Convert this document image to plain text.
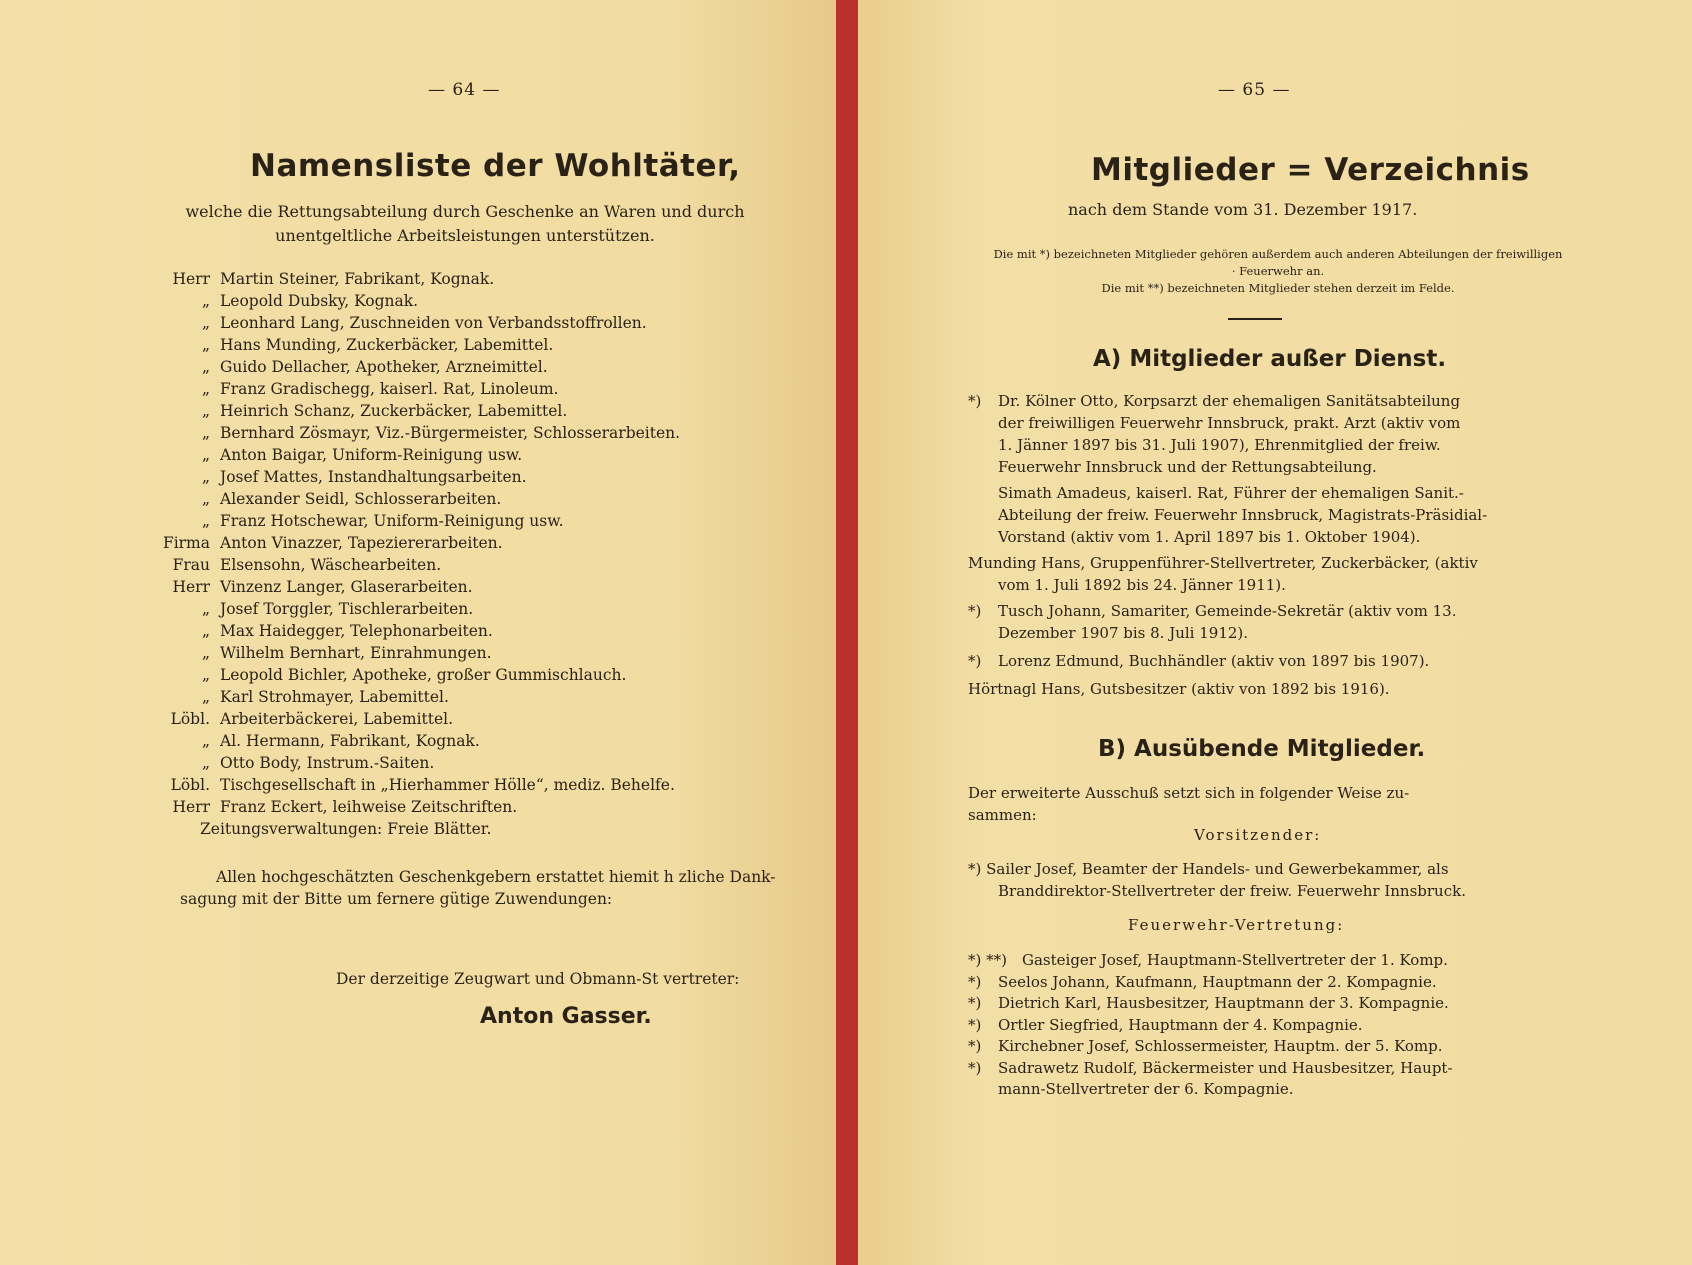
— 64 —
Namensliste der Wohltäter,
welche die Rettungsabteilung durch Geschenke an Waren und durch
unentgeltliche Arbeitsleistungen unterstützen.
Herr Martin Steiner, Fabrikant, Kognak.
„ Leopold Dubsky, Kognak.
„ Leonhard Lang, Zuschneiden von Verbandsstoffrollen.
„ Hans Munding, Zuckerbäcker, Labemittel.
„ Guido Dellacher, Apotheker, Arzneimittel.
„ Franz Gradischegg, kaiserl. Rat, Linoleum.
„ Heinrich Schanz, Zuckerbäcker, Labemittel.
„ Bernhard Zösmayr, Viz.-Bürgermeister, Schlosserarbeiten.
„ Anton Baigar, Uniform-Reinigung usw.
„ Josef Mattes, Instandhaltungsarbeiten.
„ Alexander Seidl, Schlosserarbeiten.
„ Franz Hotschewar, Uniform-Reinigung usw.
Firma Anton Vinazzer, Tapeziererarbeiten.
Frau Elsensohn, Wäschearbeiten.
Herr Vinzenz Langer, Glaserarbeiten.
„ Josef Torggler, Tischlerarbeiten.
„ Max Haidegger, Telephonarbeiten.
„ Wilhelm Bernhart, Einrahmungen.
„ Leopold Bichler, Apotheke, großer Gummischlauch.
„ Karl Strohmayer, Labemittel.
Löbl. Arbeiterbäckerei, Labemittel.
„ Al. Hermann, Fabrikant, Kognak.
„ Otto Body, Instrum.-Saiten.
Löbl. Tischgesellschaft in „Hierhammer Hölle“, mediz. Behelfe.
Herr Franz Eckert, leihweise Zeitschriften.
Zeitungsverwaltungen: Freie Blätter.
Allen hochgeschätzten Geschenkgebern erstattet hiemit h zliche Dank-
sagung mit der Bitte um fernere gütige Zuwendungen:
Der derzeitige Zeugwart und Obmann-St vertreter:
Anton Gasser.
— 65 —
Mitglieder = Verzeichnis
nach dem Stande vom 31. Dezember 1917.
Die mit *) bezeichneten Mitglieder gehören außerdem auch anderen Abteilungen der freiwilligen
· Feuerwehr an.
Die mit **) bezeichneten Mitglieder stehen derzeit im Felde.
A) Mitglieder außer Dienst.
*) Dr. Kölner Otto, Korpsarzt der ehemaligen Sanitätsabteilung
der freiwilligen Feuerwehr Innsbruck, prakt. Arzt (aktiv vom
1. Jänner 1897 bis 31. Juli 1907), Ehrenmitglied der freiw.
Feuerwehr Innsbruck und der Rettungsabteilung.
Simath Amadeus, kaiserl. Rat, Führer der ehemaligen Sanit.-
Abteilung der freiw. Feuerwehr Innsbruck, Magistrats-Präsidial-
Vorstand (aktiv vom 1. April 1897 bis 1. Oktober 1904).
Munding Hans, Gruppenführer-Stellvertreter, Zuckerbäcker, (aktiv
vom 1. Juli 1892 bis 24. Jänner 1911).
*) Tusch Johann, Samariter, Gemeinde-Sekretär (aktiv vom 13.
Dezember 1907 bis 8. Juli 1912).
*) Lorenz Edmund, Buchhändler (aktiv von 1897 bis 1907).
Hörtnagl Hans, Gutsbesitzer (aktiv von 1892 bis 1916).
B) Ausübende Mitglieder.
Der erweiterte Ausschuß setzt sich in folgender Weise zu-
sammen:
Vorsitzender:
*) Sailer Josef, Beamter der Handels- und Gewerbekammer, als
Branddirektor-Stellvertreter der freiw. Feuerwehr Innsbruck.
Feuerwehr-Vertretung:
*) **) Gasteiger Josef, Hauptmann-Stellvertreter der 1. Komp.
*) Seelos Johann, Kaufmann, Hauptmann der 2. Kompagnie.
*) Dietrich Karl, Hausbesitzer, Hauptmann der 3. Kompagnie.
*) Ortler Siegfried, Hauptmann der 4. Kompagnie.
*) Kirchebner Josef, Schlossermeister, Hauptm. der 5. Komp.
*) Sadrawetz Rudolf, Bäckermeister und Hausbesitzer, Haupt-
mann-Stellvertreter der 6. Kompagnie.
